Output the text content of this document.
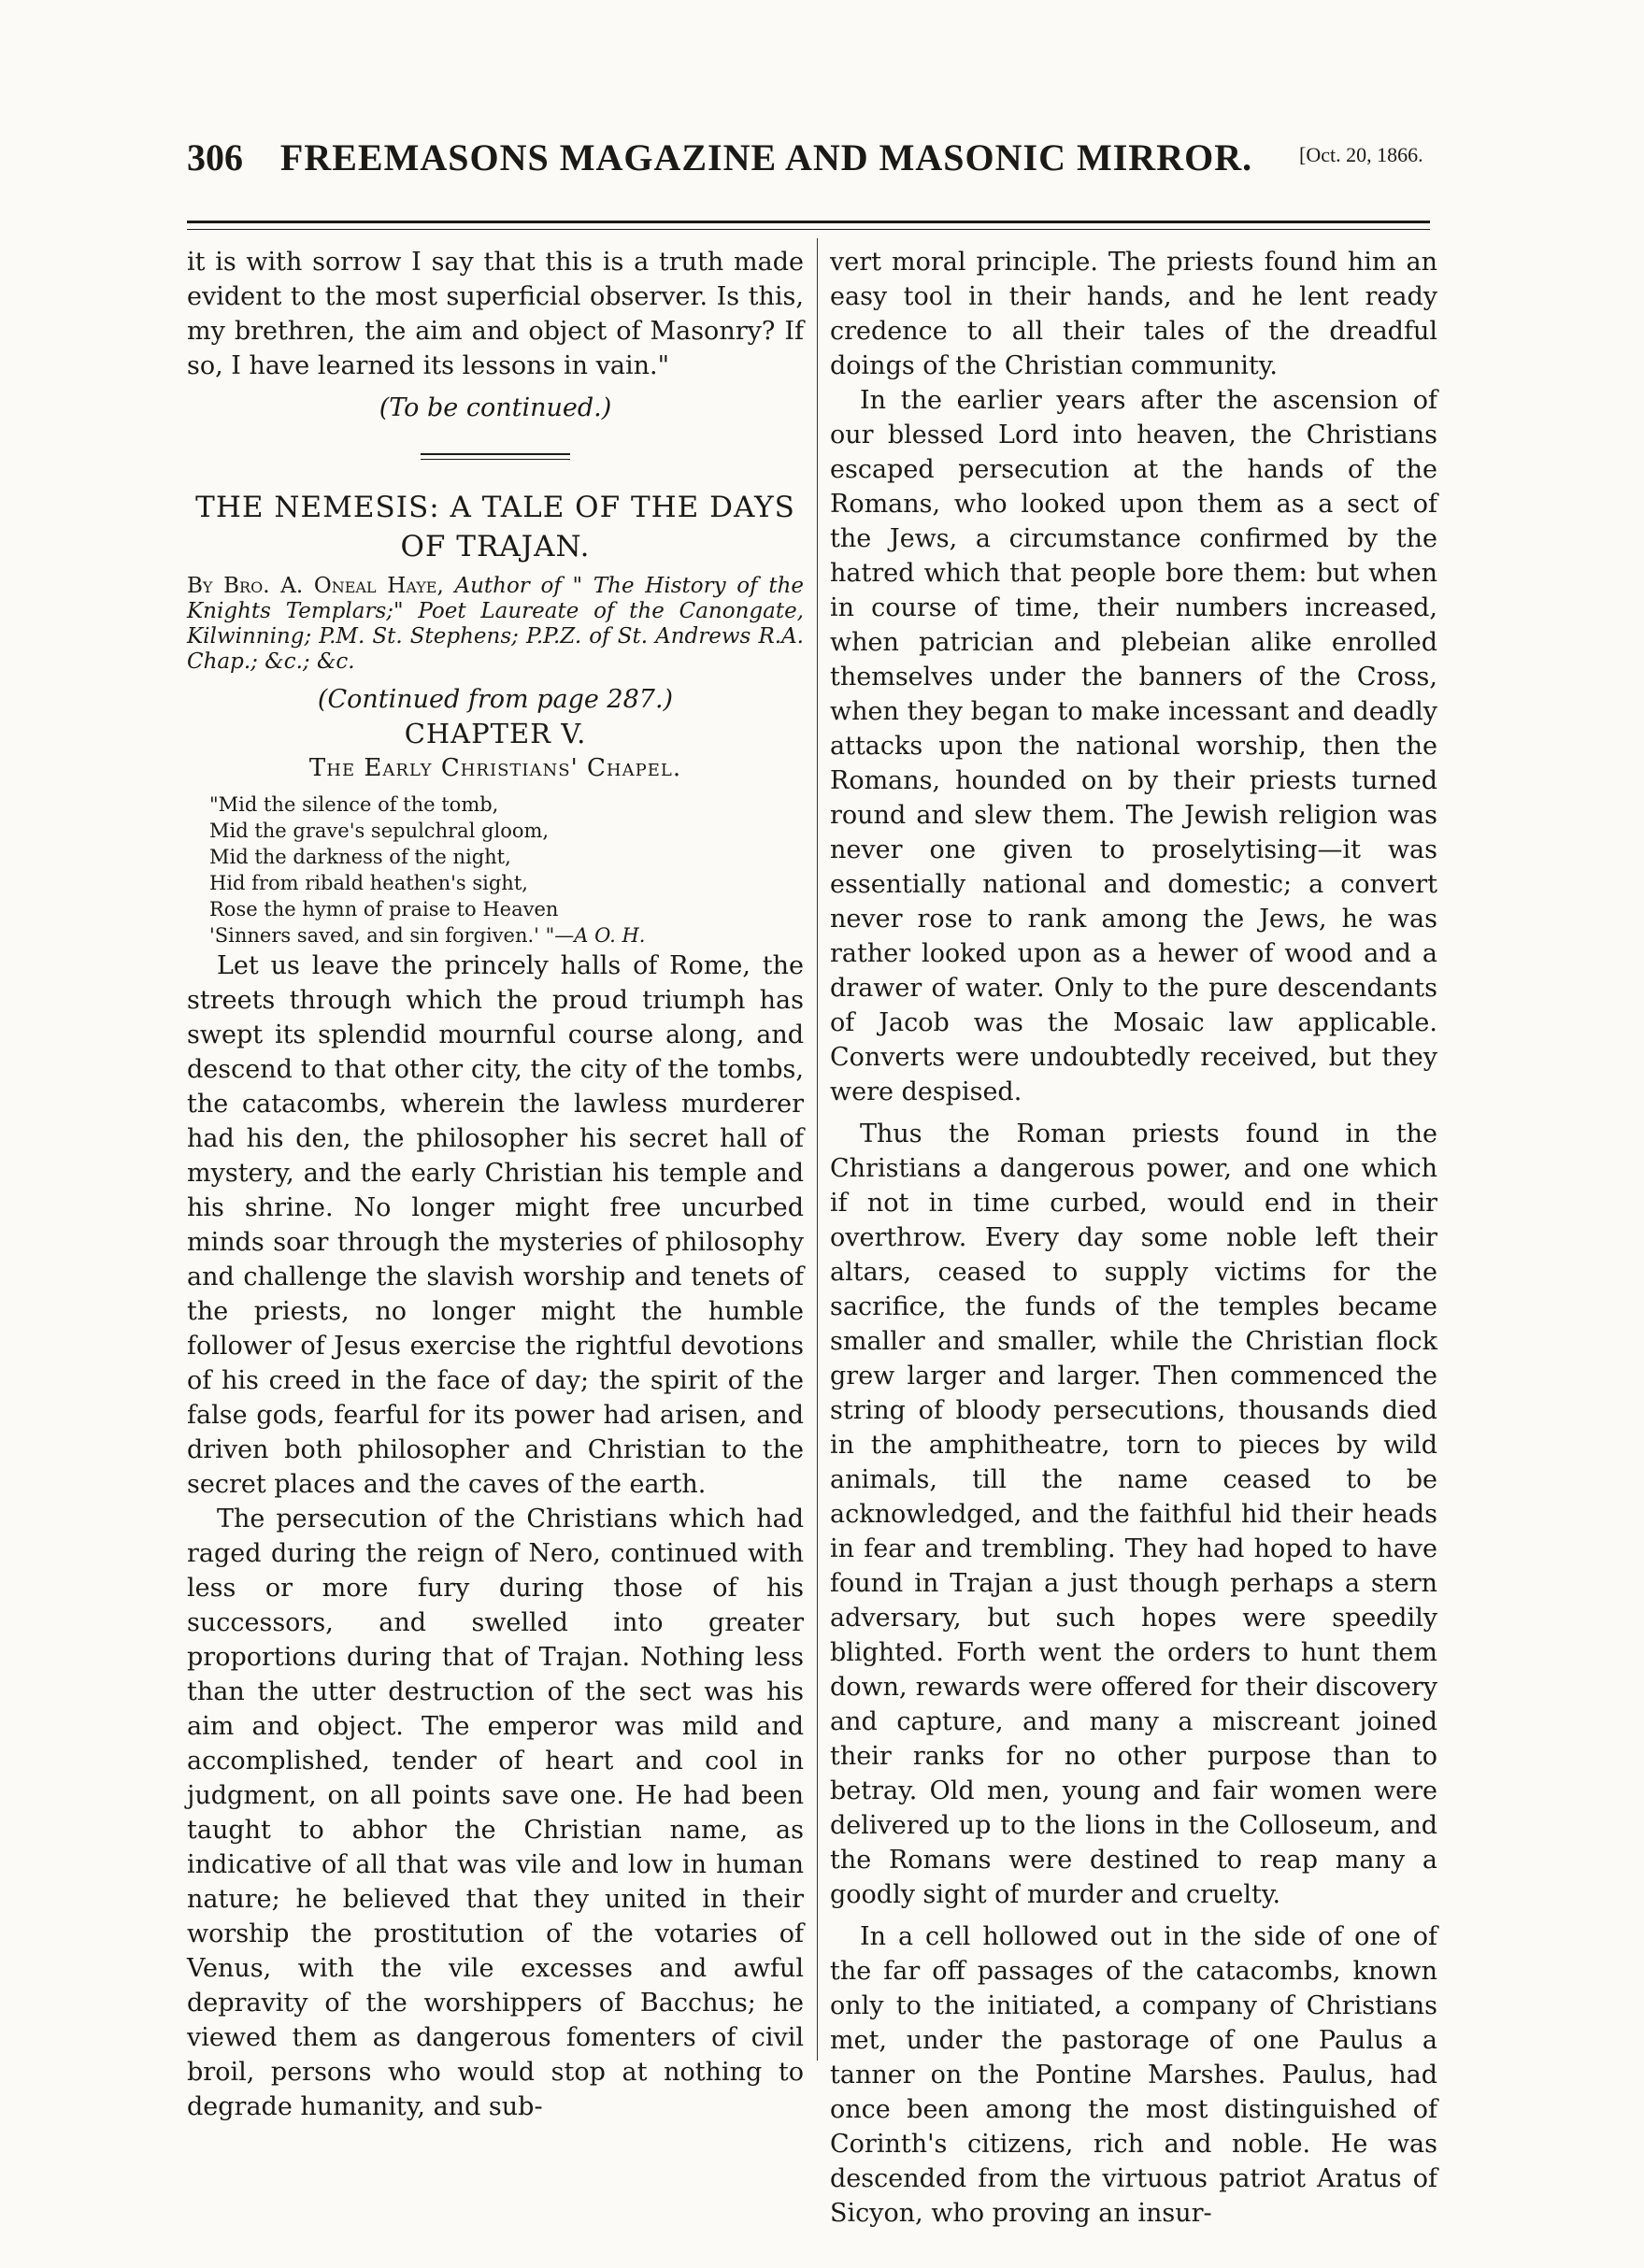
306 FREEMASONS MAGAZINE AND MASONIC MIRROR.	[Oct. 20, 1866.

it is with sorrow I say that this is a truth made evident to the most superficial observer. Is this, my brethren, the aim and object of Masonry? If so, I have learned its lessons in vain."

(To be continued.)

THE NEMESIS: A TALE OF THE DAYS

OF TRAJAN.

By Bro. A. Oneal Haye, Author of " The History of the Knights Templars;" Poet Laureate of the Canongate, Kilwinning; P.M. St. Stephens; P.P.Z. of St. Andrews R.A. Chap.; &c.; &c.

(Continued from page 287.)

CHAPTER V.

The Early Christians' Chapel.

"Mid the silence of the tomb,
Mid the grave's sepulchral gloom,
Mid the darkness of the night,
Hid from ribald heathen's sight,
Rose the hymn of praise to Heaven
'Sinners saved, and sin forgiven.' "—A O. H.

Let us leave the princely halls of Rome, the streets through which the proud triumph has swept its splendid mournful course along, and descend to that other city, the city of the tombs, the catacombs, wherein the lawless murderer had his den, the philosopher his secret hall of mystery, and the early Christian his temple and his shrine. No longer might free uncurbed minds soar through the mysteries of philosophy and challenge the slavish worship and tenets of the priests, no longer might the humble follower of Jesus exercise the rightful devotions of his creed in the face of day; the spirit of the false gods, fearful for its power had arisen, and driven both philosopher and Christian to the secret places and the caves of the earth.

The persecution of the Christians which had raged during the reign of Nero, continued with less or more fury during those of his successors, and swelled into greater proportions during that of Trajan. Nothing less than the utter destruction of the sect was his aim and object. The emperor was mild and accomplished, tender of heart and cool in judgment, on all points save one. He had been taught to abhor the Christian name, as indicative of all that was vile and low in human nature; he believed that they united in their worship the prostitution of the votaries of Venus, with the vile excesses and awful depravity of the worshippers of Bacchus; he viewed them as dangerous fomenters of civil broil, persons who would stop at nothing to degrade humanity, and sub-

vert moral principle. The priests found him an easy tool in their hands, and he lent ready credence to all their tales of the dreadful doings of the Christian community.

In the earlier years after the ascension of our blessed Lord into heaven, the Christians escaped persecution at the hands of the Romans, who looked upon them as a sect of the Jews, a circumstance confirmed by the hatred which that people bore them: but when in course of time, their numbers increased, when patrician and plebeian alike enrolled themselves under the banners of the Cross, when they began to make incessant and deadly attacks upon the national worship, then the Romans, hounded on by their priests turned round and slew them. The Jewish religion was never one given to proselytising—it was essentially national and domestic; a convert never rose to rank among the Jews, he was rather looked upon as a hewer of wood and a drawer of water. Only to the pure descendants of Jacob was the Mosaic law applicable. Converts were undoubtedly received, but they were despised.

Thus the Roman priests found in the Christians a dangerous power, and one which if not in time curbed, would end in their overthrow. Every day some noble left their altars, ceased to supply victims for the sacrifice, the funds of the temples became smaller and smaller, while the Christian flock grew larger and larger. Then commenced the string of bloody persecutions, thousands died in the amphitheatre, torn to pieces by wild animals, till the name ceased to be acknowledged, and the faithful hid their heads in fear and trembling. They had hoped to have found in Trajan a just though perhaps a stern adversary, but such hopes were speedily blighted. Forth went the orders to hunt them down, rewards were offered for their discovery and capture, and many a miscreant joined their ranks for no other purpose than to betray. Old men, young and fair women were delivered up to the lions in the Colloseum, and the Romans were destined to reap many a goodly sight of murder and cruelty.

In a cell hollowed out in the side of one of the far off passages of the catacombs, known only to the initiated, a company of Christians met, under the pastorage of one Paulus a tanner on the Pontine Marshes. Paulus, had once been among the most distinguished of Corinth's citizens, rich and noble. He was descended from the virtuous patriot Aratus of Sicyon, who proving an insur-
